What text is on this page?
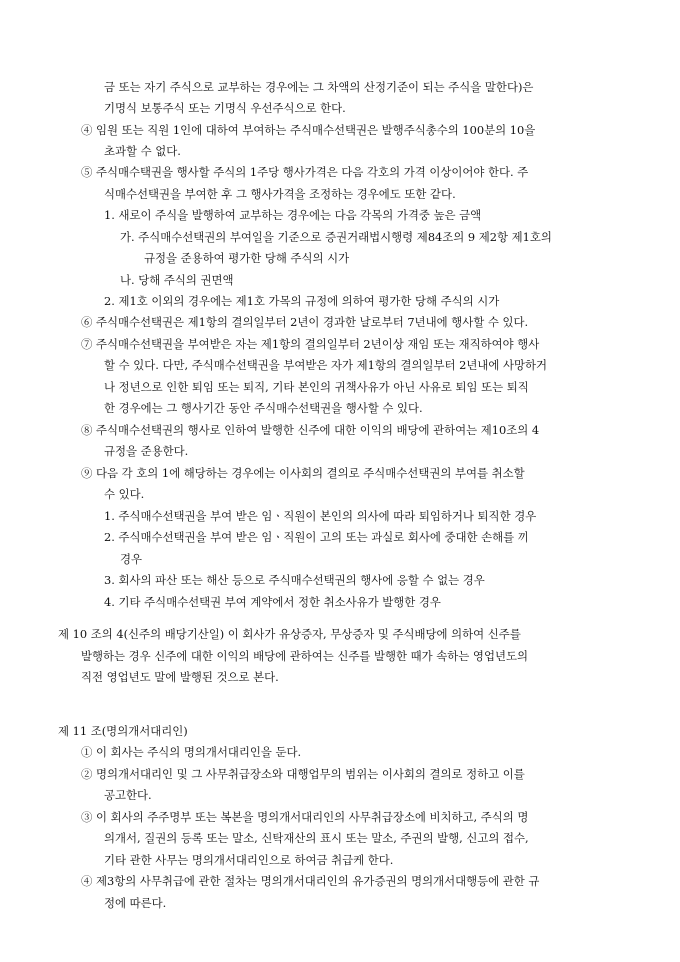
금 또는 자기 주식으로 교부하는 경우에는 그 차액의 산정기준이 되는 주식을 말한다)은
기명식 보통주식 또는 기명식 우선주식으로 한다.
④ 임원 또는 직원 1인에 대하여 부여하는 주식매수선택권은 발행주식총수의 100분의 10을
초과할 수 없다.
⑤ 주식매수택권을 행사할 주식의 1주당 행사가격은 다음 각호의 가격 이상이어야 한다. 주
식매수선택권을 부여한 후 그 행사가격을 조정하는 경우에도 또한 같다.
1. 새로이 주식을 발행하여 교부하는 경우에는 다음 각목의 가격중 높은 금액
가. 주식매수선택권의 부여일을 기준으로 증권거래법시행령 제84조의 9 제2항 제1호의
규정을 준용하여 평가한 당해 주식의 시가
나. 당해 주식의 권면액
2. 제1호 이외의 경우에는 제1호 가목의 규정에 의하여 평가한 당해 주식의 시가
⑥ 주식매수선택권은 제1항의 결의일부터 2년이 경과한 날로부터 7년내에 행사할 수 있다.
⑦ 주식매수선택권을 부여받은 자는 제1항의 결의일부터 2년이상 재임 또는 재직하여야 행사
할 수 있다. 다만, 주식매수선택권을 부여받은 자가 제1항의 결의일부터 2년내에 사망하거
나 정년으로 인한 퇴임 또는 퇴직, 기타 본인의 귀책사유가 아닌 사유로 퇴임 또는 퇴직
한 경우에는 그 행사기간 동안 주식매수선택권을 행사할 수 있다.
⑧ 주식매수선택권의 행사로 인하여 발행한 신주에 대한 이익의 배당에 관하여는 제10조의 4
규정을 준용한다.
⑨ 다음 각 호의 1에 해당하는 경우에는 이사회의 결의로 주식매수선택권의 부여를 취소할
수 있다.
1. 주식매수선택권을 부여 받은 임ㆍ직원이 본인의 의사에 따라 퇴임하거나 퇴직한 경우
2. 주식매수선택권을 부여 받은 임ㆍ직원이 고의 또는 과실로 회사에 중대한 손해를 끼
경우
3. 회사의 파산 또는 해산 등으로 주식매수선택권의 행사에 응할 수 없는 경우
4. 기타 주식매수선택권 부여 계약에서 정한 취소사유가 발행한 경우
제 10 조의 4(신주의 배당기산일) 이 회사가 유상증자, 무상증자 및 주식배당에 의하여 신주를
발행하는 경우 신주에 대한 이익의 배당에 관하여는 신주를 발행한 때가 속하는 영업년도의
직전 영업년도 말에 발행된 것으로 본다.
제 11 조(명의개서대리인)
① 이 회사는 주식의 명의개서대리인을 둔다.
② 명의개서대리인 및 그 사무취급장소와 대행업무의 범위는 이사회의 결의로 정하고 이를
공고한다.
③ 이 회사의 주주명부 또는 복본을 명의개서대리인의 사무취급장소에 비치하고, 주식의 명
의개서, 질권의 등록 또는 말소, 신탁재산의 표시 또는 말소, 주권의 발행, 신고의 접수,
기타 관한 사무는 명의개서대리인으로 하여금 취급케 한다.
④ 제3항의 사무취급에 관한 절차는 명의개서대리인의 유가증권의 명의개서대행등에 관한 규
정에 따른다.
